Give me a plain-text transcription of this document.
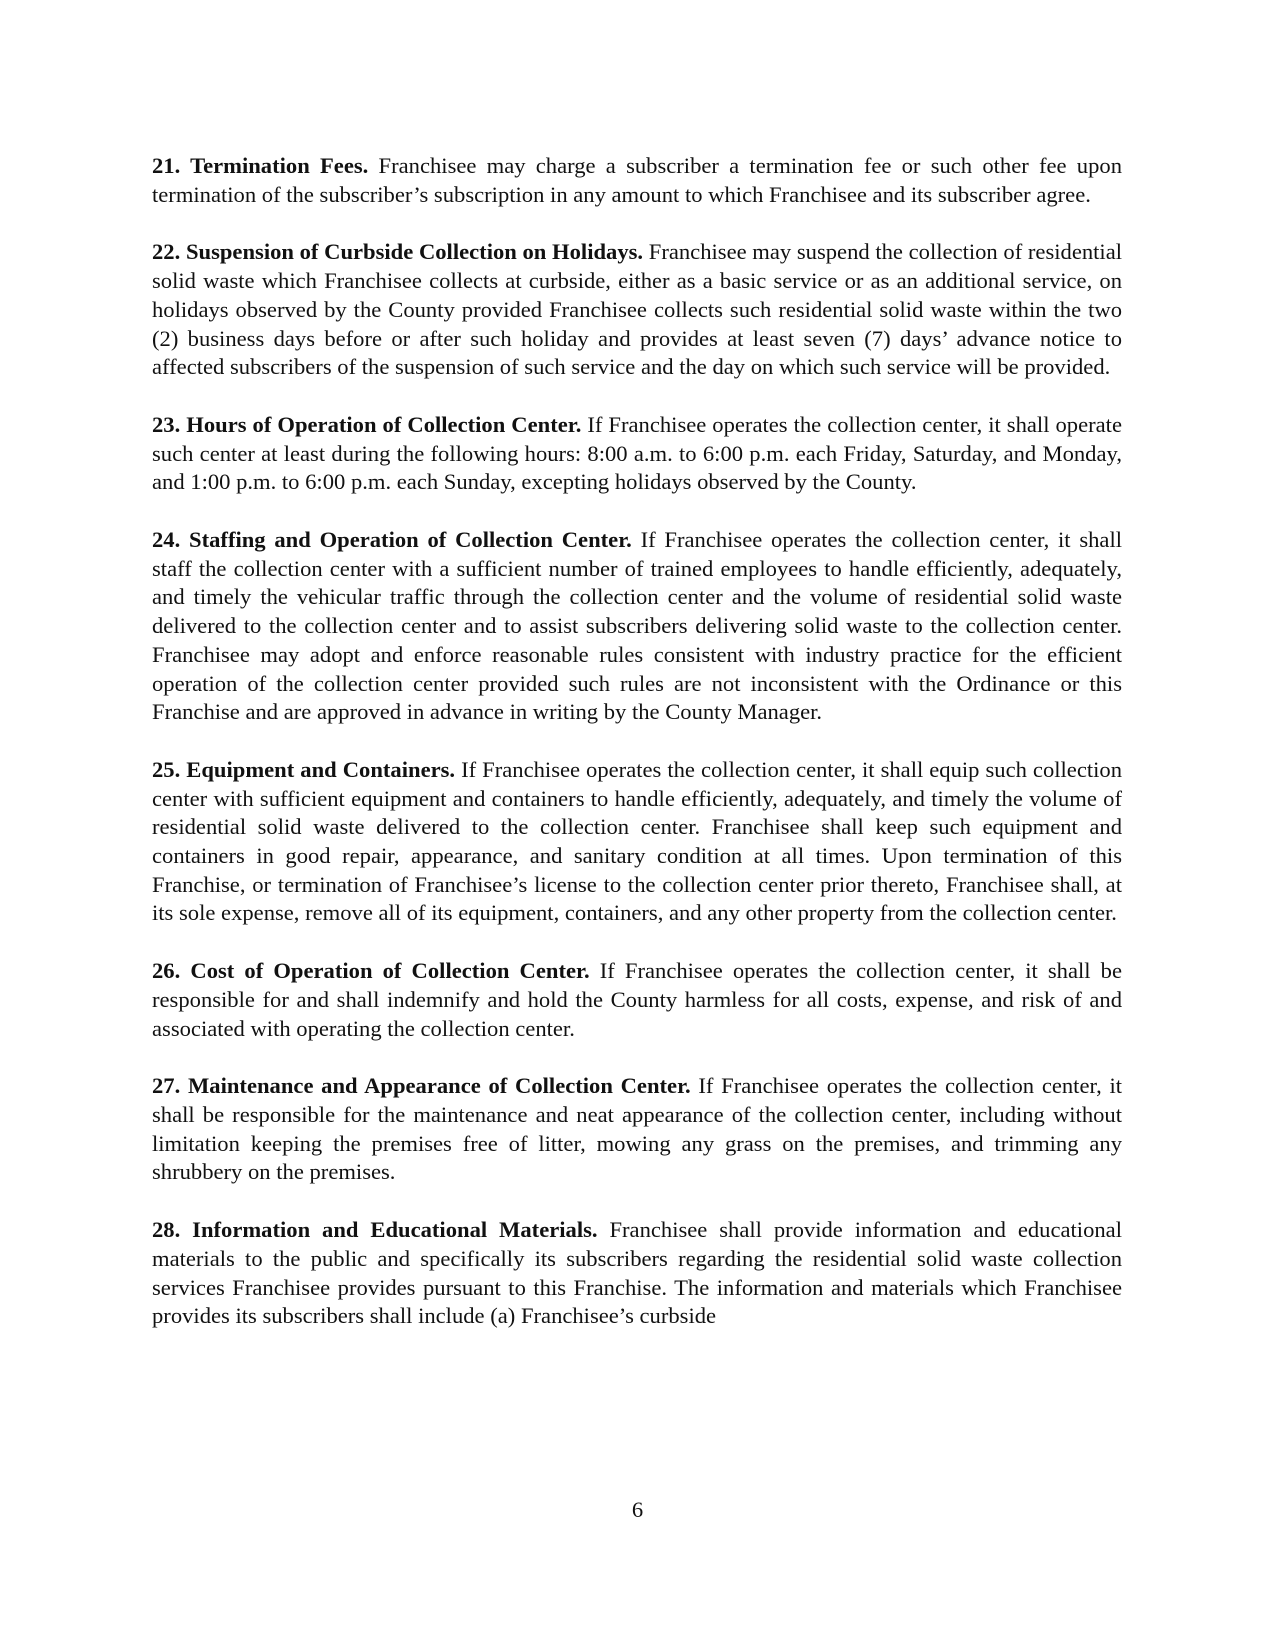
21. Termination Fees. Franchisee may charge a subscriber a termination fee or such other fee upon termination of the subscriber’s subscription in any amount to which Franchisee and its subscriber agree.

22. Suspension of Curbside Collection on Holidays. Franchisee may suspend the collection of residential solid waste which Franchisee collects at curbside, either as a basic service or as an additional service, on holidays observed by the County provided Franchisee collects such residential solid waste within the two (2) business days before or after such holiday and provides at least seven (7) days’ advance notice to affected subscribers of the suspension of such service and the day on which such service will be provided.

23. Hours of Operation of Collection Center. If Franchisee operates the collection center, it shall operate such center at least during the following hours: 8:00 a.m. to 6:00 p.m. each Friday, Saturday, and Monday, and 1:00 p.m. to 6:00 p.m. each Sunday, excepting holidays observed by the County.

24. Staffing and Operation of Collection Center. If Franchisee operates the collection center, it shall staff the collection center with a sufficient number of trained employees to handle efficiently, adequately, and timely the vehicular traffic through the collection center and the volume of residential solid waste delivered to the collection center and to assist subscribers delivering solid waste to the collection center. Franchisee may adopt and enforce reasonable rules consistent with industry practice for the efficient operation of the collection center provided such rules are not inconsistent with the Ordinance or this Franchise and are approved in advance in writing by the County Manager.

25. Equipment and Containers. If Franchisee operates the collection center, it shall equip such collection center with sufficient equipment and containers to handle efficiently, adequately, and timely the volume of residential solid waste delivered to the collection center. Franchisee shall keep such equipment and containers in good repair, appearance, and sanitary condition at all times. Upon termination of this Franchise, or termination of Franchisee’s license to the collection center prior thereto, Franchisee shall, at its sole expense, remove all of its equipment, containers, and any other property from the collection center.

26. Cost of Operation of Collection Center. If Franchisee operates the collection center, it shall be responsible for and shall indemnify and hold the County harmless for all costs, expense, and risk of and associated with operating the collection center.

27. Maintenance and Appearance of Collection Center. If Franchisee operates the collection center, it shall be responsible for the maintenance and neat appearance of the collection center, including without limitation keeping the premises free of litter, mowing any grass on the premises, and trimming any shrubbery on the premises.

28. Information and Educational Materials. Franchisee shall provide information and educational materials to the public and specifically its subscribers regarding the residential solid waste collection services Franchisee provides pursuant to this Franchise. The information and materials which Franchisee provides its subscribers shall include (a) Franchisee’s curbside

6
